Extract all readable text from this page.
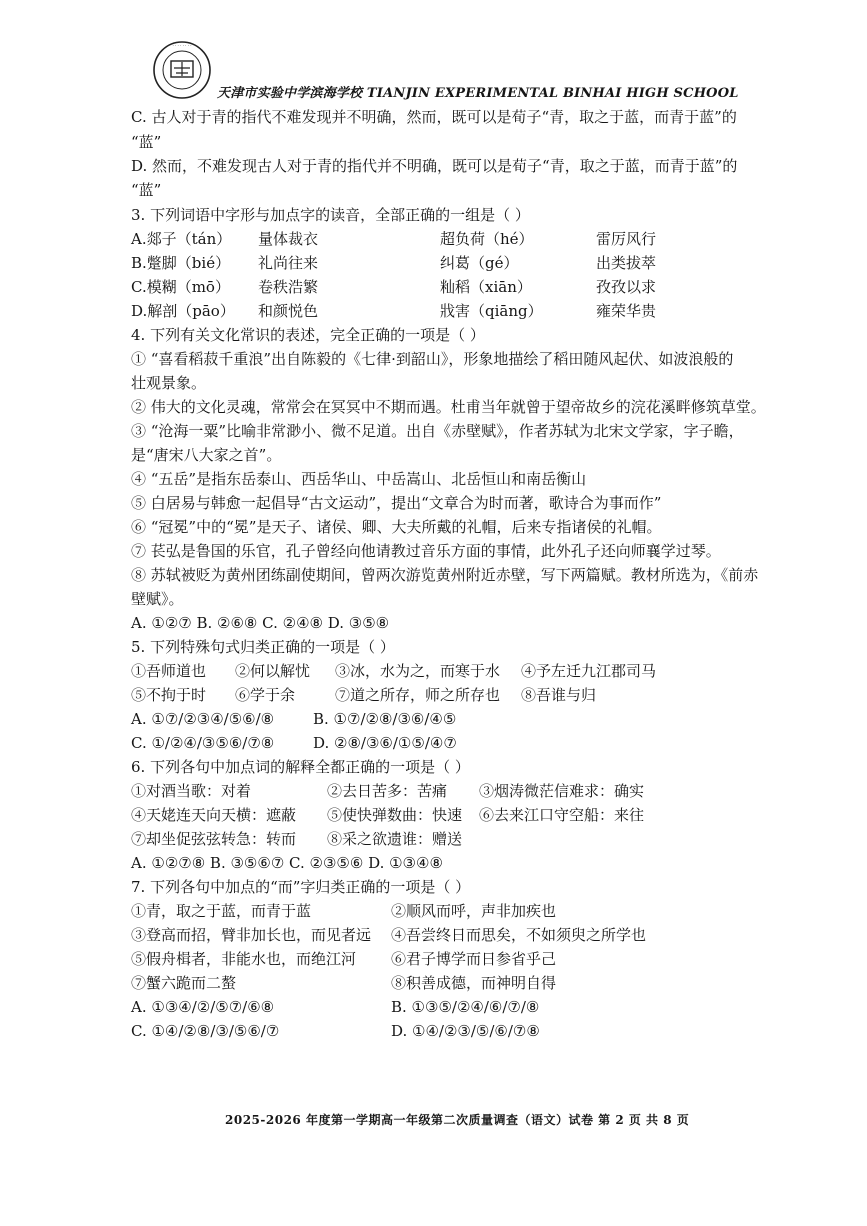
· · · · · · · ·
天津市实验中学滨海学校 TIANJIN EXPERIMENTAL BINHAI HIGH SCHOOL
C. 古人对于青的指代不难发现并不明确，然而，既可以是荀子“青，取之于蓝，而青于蓝”的
“蓝”
D. 然而，不难发现古人对于青的指代并不明确，既可以是荀子“青，取之于蓝，而青于蓝”的
“蓝”
3. 下列词语中字形与加点字的读音，全部正确的一组是（ ）
A.郯子（tán） 量体裁衣	超负荷（hé）	雷厉风行
B.蹩脚（bié） 礼尚往来	纠葛（gé）	出类拔萃
C.模糊（mō） 卷秩浩繁	籼稻（xiān）	孜孜以求
D.解剖（pāo） 和颜悦色	戕害（qiāng）	雍荣华贵
4. 下列有关文化常识的表述，完全正确的一项是（ ）
① “喜看稻菽千重浪”出自陈毅的《七律·到韶山》，形象地描绘了稻田随风起伏、如波浪般的
壮观景象。
② 伟大的文化灵魂，常常会在冥冥中不期而遇。杜甫当年就曾于望帝故乡的浣花溪畔修筑草堂。
③ “沧海一粟”比喻非常渺小、微不足道。出自《赤壁赋》，作者苏轼为北宋文学家，字子瞻，
是“唐宋八大家之首”。
④ “五岳”是指东岳泰山、西岳华山、中岳嵩山、北岳恒山和南岳衡山
⑤ 白居易与韩愈一起倡导“古文运动”，提出“文章合为时而著，歌诗合为事而作”
⑥ “冠冕”中的“冕”是天子、诸侯、卿、大夫所戴的礼帽，后来专指诸侯的礼帽。
⑦ 苌弘是鲁国的乐官，孔子曾经向他请教过音乐方面的事情，此外孔子还向师襄学过琴。
⑧ 苏轼被贬为黄州团练副使期间，曾两次游览黄州附近赤壁，写下两篇赋。教材所选为，《前赤
壁赋》。
A. ①②⑦ B. ②⑥⑧ C. ②④⑧ D. ③⑤⑧
5. 下列特殊句式归类正确的一项是（ ）
①吾师道也 ②何以解忧 ③冰，水为之，而寒于水 ④予左迁九江郡司马
⑤不拘于时 ⑥学于余	⑦道之所存，师之所存也 ⑧吾谁与归
A. ①⑦/②③④/⑤⑥/⑧	B. ①⑦/②⑧/③⑥/④⑤
C. ①/②④/③⑤⑥/⑦⑧	D. ②⑧/③⑥/①⑤/④⑦
6. 下列各句中加点词的解释全都正确的一项是（ ）
①对酒当歌：对着	②去日苦多：苦痛 ③烟涛微茫信难求：确实
④天姥连天向天横：遮蔽 ⑤使快弹数曲：快速 ⑥去来江口守空船：来往
⑦却坐促弦弦转急：转而 ⑧采之欲遗谁：赠送
A. ①②⑦⑧ B. ③⑤⑥⑦ C. ②③⑤⑥ D. ①③④⑧
7. 下列各句中加点的“而”字归类正确的一项是（ ）
①青，取之于蓝，而青于蓝	②顺风而呼，声非加疾也
③登高而招，臂非加长也，而见者远 ④吾尝终日而思矣，不如须臾之所学也
⑤假舟楫者，非能水也，而绝江河 ⑥君子博学而日参省乎己
⑦蟹六跪而二螯	⑧积善成德，而神明自得
A. ①③④/②/⑤⑦/⑥⑧	B. ①③⑤/②④/⑥/⑦/⑧
C. ①④/②⑧/③/⑤⑥/⑦	D. ①④/②③/⑤/⑥/⑦⑧
2025-2026 年度第一学期高一年级第二次质量调查（语文）试卷 第 2 页 共 8 页
